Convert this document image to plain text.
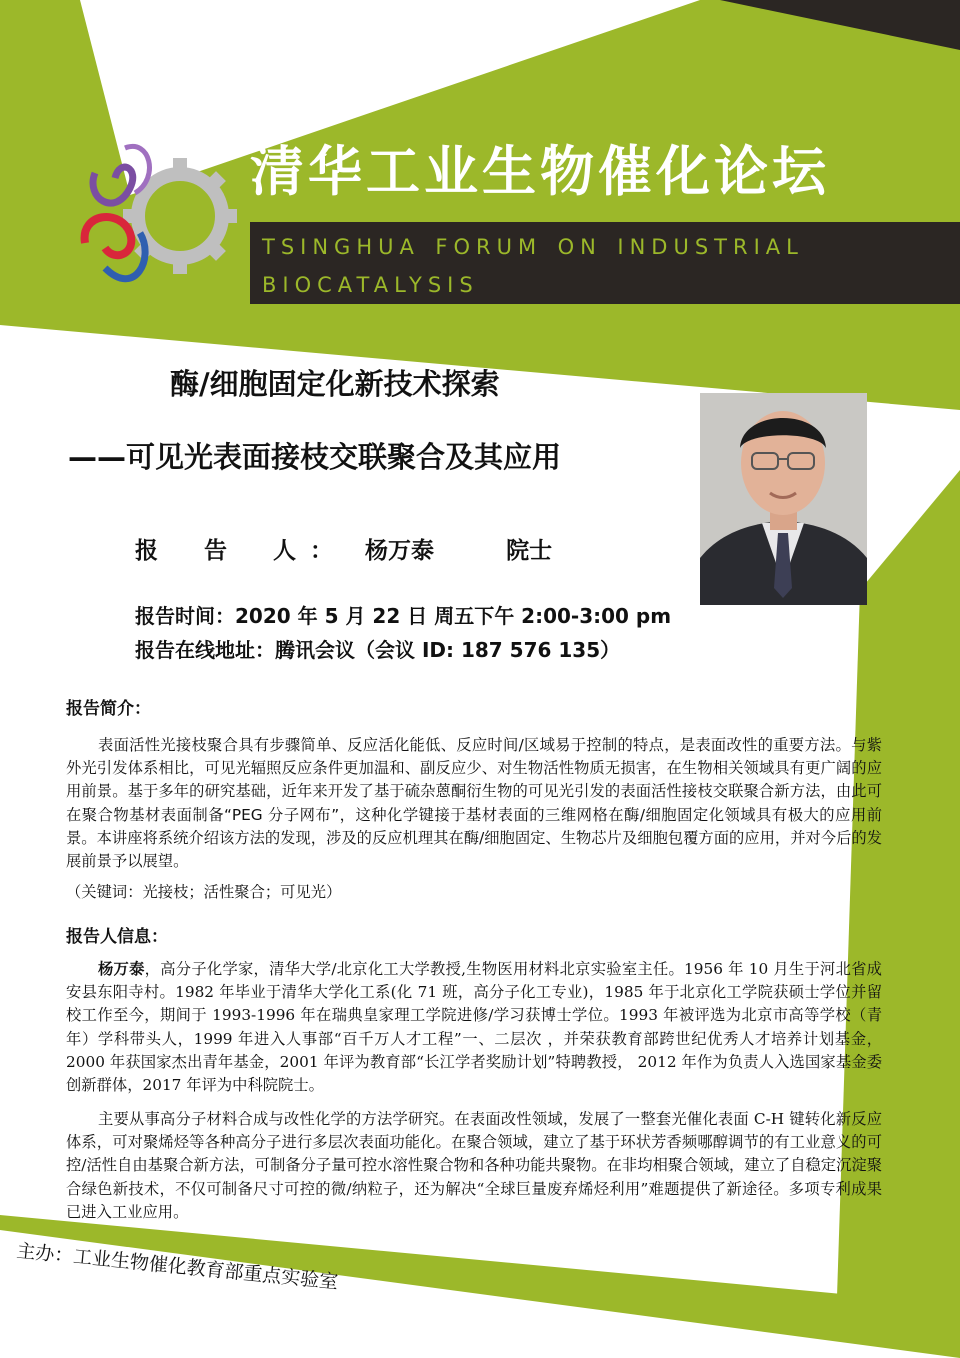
清华工业生物催化论坛
tsinghua forum on industrial
biocatalysis
酶/细胞固定化新技术探索
——可见光表面接枝交联聚合及其应用
报 告 人： 杨万泰	院士
报告时间：2020 年 5 月 22 日 周五下午 2:00-3:00 pm
报告在线地址：腾讯会议（会议 ID: 187 576 135）
报告简介：
表面活性光接枝聚合具有步骤简单、反应活化能低、反应时间/区域易于控制的特点，是表面改性的重要方法。与紫外光引发体系相比，可见光辐照反应条件更加温和、副反应少、对生物活性物质无损害，在生物相关领域具有更广阔的应用前景。基于多年的研究基础，近年来开发了基于硫杂蒽酮衍生物的可见光引发的表面活性接枝交联聚合新方法，由此可在聚合物基材表面制备“PEG 分子网布”，这种化学键接于基材表面的三维网格在酶/细胞固定化领域具有极大的应用前景。本讲座将系统介绍该方法的发现，涉及的反应机理其在酶/细胞固定、生物芯片及细胞包覆方面的应用，并对今后的发展前景予以展望。
（关键词：光接枝；活性聚合；可见光）
报告人信息：
杨万泰，高分子化学家，清华大学/北京化工大学教授,生物医用材料北京实验室主任。1956 年 10 月生于河北省成安县东阳寺村。1982 年毕业于清华大学化工系(化 71 班，高分子化工专业)，1985 年于北京化工学院获硕士学位并留校工作至今，期间于 1993-1996 年在瑞典皇家理工学院进修/学习获博士学位。1993 年被评选为北京市高等学校（青年）学科带头人，1999 年进入人事部“百千万人才工程”一、二层次 ，并荣获教育部跨世纪优秀人才培养计划基金，2000 年获国家杰出青年基金，2001 年评为教育部“长江学者奖励计划”特聘教授， 2012 年作为负责人入选国家基金委创新群体，2017 年评为中科院院士。
主要从事高分子材料合成与改性化学的方法学研究。在表面改性领域，发展了一整套光催化表面 C-H 键转化新反应体系，可对聚烯烃等各种高分子进行多层次表面功能化。在聚合领域，建立了基于环状芳香频哪醇调节的有工业意义的可控/活性自由基聚合新方法，可制备分子量可控水溶性聚合物和各种功能共聚物。在非均相聚合领域，建立了自稳定沉淀聚合绿色新技术，不仅可制备尺寸可控的微/纳粒子，还为解决“全球巨量废弃烯烃利用”难题提供了新途径。多项专利成果已进入工业应用。
主办：工业生物催化教育部重点实验室
